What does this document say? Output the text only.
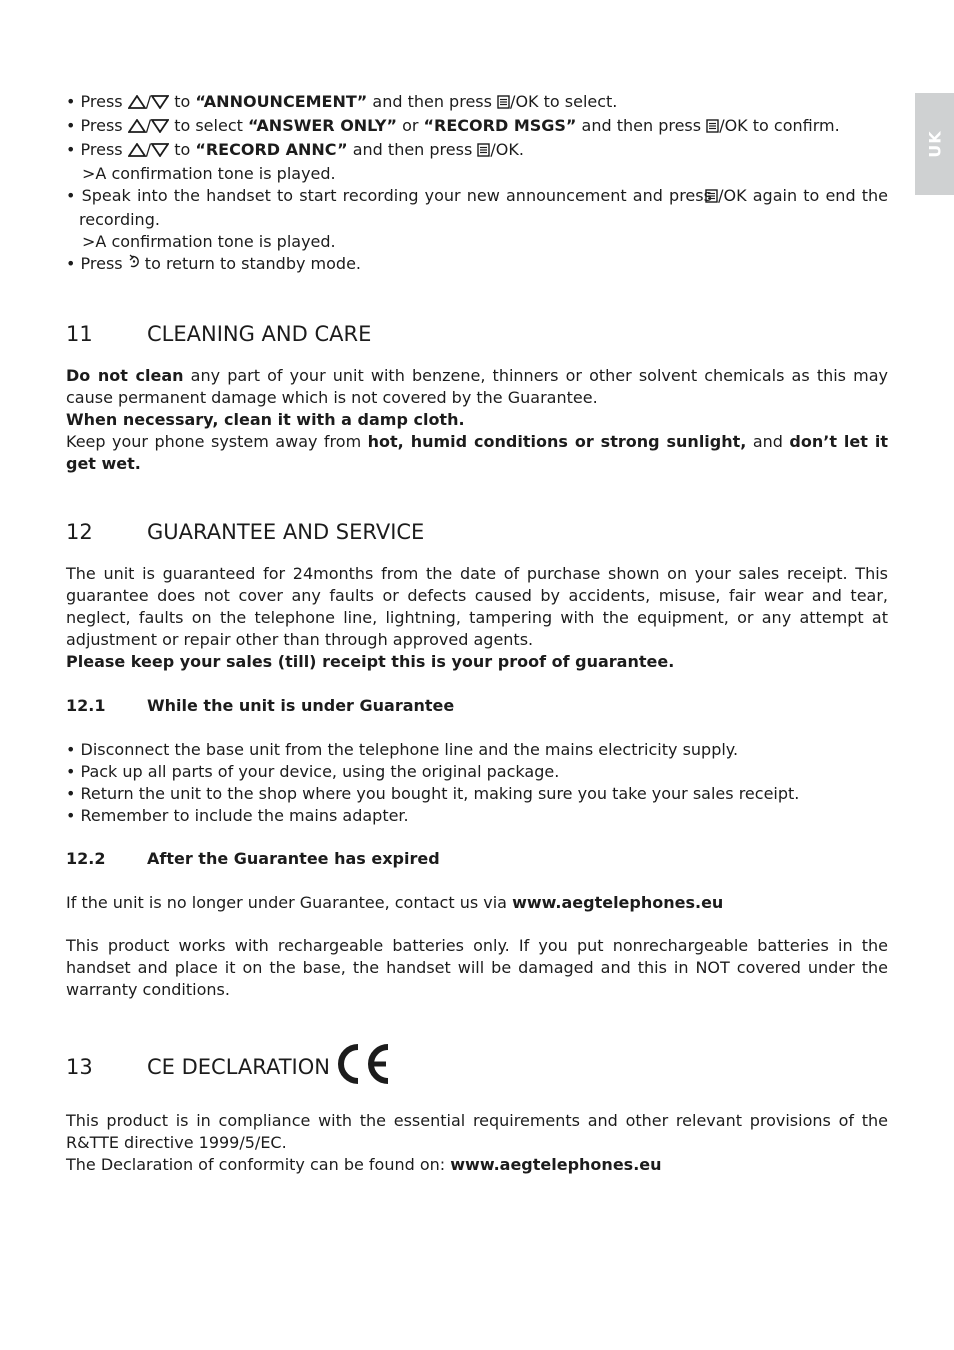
UK
• Press / to “ANNOUNCEMENT” and then press /OK to select.
• Press / to select “ANSWER ONLY” or “RECORD MSGS” and then press /OK to confirm.
• Press / to “RECORD ANNC” and then press /OK.
>A confirmation tone is played.

• Speak into the handset to start recording your new announcement and press /OK again to end the recording.

>A confirmation tone is played.
• Press  to return to standby mode.
11	CLEANING AND CARE

Do not clean any part of your unit with benzene, thinners or other solvent chemicals as this may cause permanent damage which is not covered by the Guarantee.

When necessary, clean it with a damp cloth.

Keep your phone system away from hot, humid conditions or strong sunlight, and don’t let it get wet.

12	GUARANTEE AND SERVICE

The unit is guaranteed for 24months from the date of purchase shown on your sales receipt. This guarantee does not cover any faults or defects caused by accidents, misuse, fair wear and tear, neglect, faults on the telephone line, lightning, tampering with the equipment, or any attempt at adjustment or repair other than through approved agents.

Please keep your sales (till) receipt this is your proof of guarantee.

12.1	While the unit is under Guarantee
• Disconnect the base unit from the telephone line and the mains electricity supply.
• Pack up all parts of your device, using the original package.
• Return the unit to the shop where you bought it, making sure you take your sales receipt.
• Remember to include the mains adapter.
12.2	After the Guarantee has expired

If the unit is no longer under Guarantee, contact us via www.aegtelephones.eu

This product works with rechargeable batteries only. If you put nonrechargeable batteries in the handset and place it on the base, the handset will be damaged and this in NOT covered under the warranty conditions.

13	CE DECLARATION

This product is in compliance with the essential requirements and other relevant provisions of the R&TTE directive 1999/5/EC.

The Declaration of conformity can be found on: www.aegtelephones.eu
